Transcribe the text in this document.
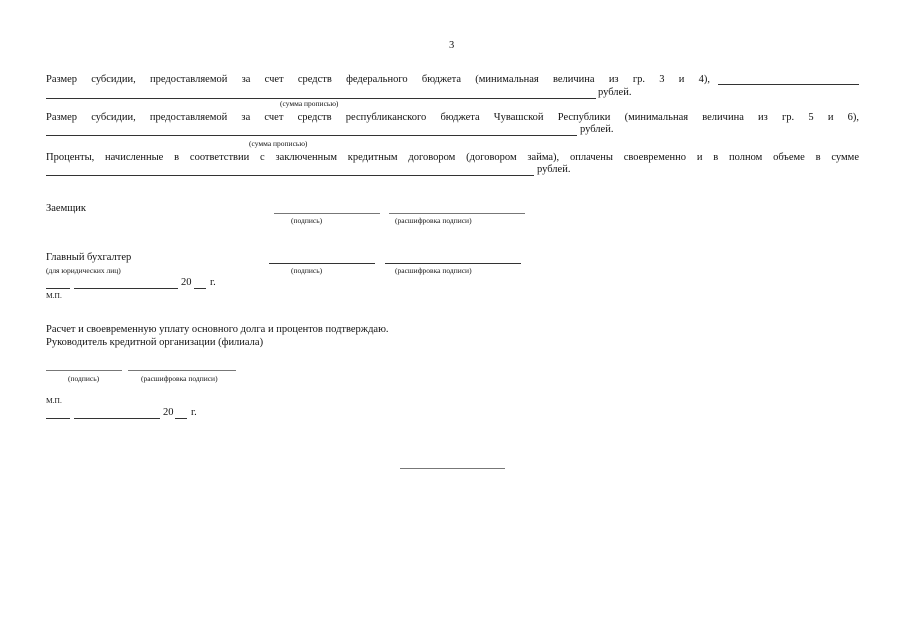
3
Размер субсидии, предоставляемой за счет средств федерального бюджета (минимальная величина из гр. 3 и 4),
рублей.
(сумма прописью)
Размер субсидии, предоставляемой за счет средств республиканского бюджета Чувашской Республики (минимальная величина из гр. 5 и 6),
рублей.
(сумма прописью)
Проценты, начисленные в соответствии с заключенным кредитным договором (договором займа), оплачены своевременно и в полном объеме в сумме
рублей.
Заемщик
(подпись)	(расшифровка подписи)
Главный бухгалтер
(для юридических лиц)	(подпись)	(расшифровка подписи)
20 г.
М.П.
Расчет и своевременную уплату основного долга и процентов подтверждаю.
Руководитель кредитной организации (филиала)
(подпись)	(расшифровка подписи)
М.П.
20 г.
